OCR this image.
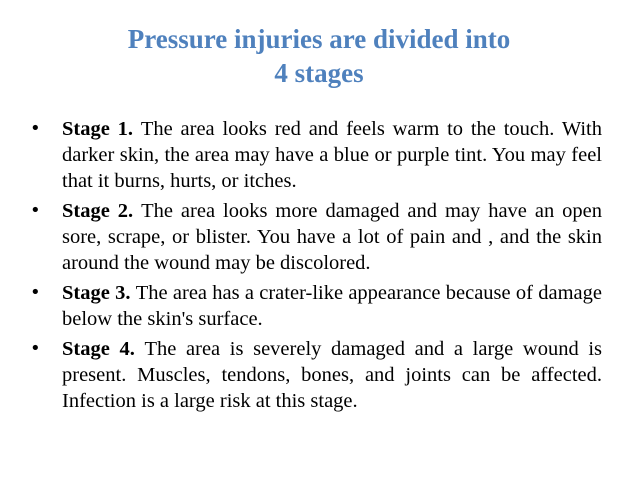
Pressure injuries are divided into
4 stages
• Stage 1. The area looks red and feels warm to the touch. With darker skin, the area may have a blue or purple tint. You may feel that it burns, hurts, or itches.
• Stage 2. The area looks more damaged and may have an open sore, scrape, or blister. You have a lot of pain and , and the skin around the wound may be discolored.
• Stage 3. The area has a crater-like appearance because of damage below the skin's surface.
• Stage 4. The area is severely damaged and a large wound is present. Muscles, tendons, bones, and joints can be affected. Infection is a large risk at this stage.
